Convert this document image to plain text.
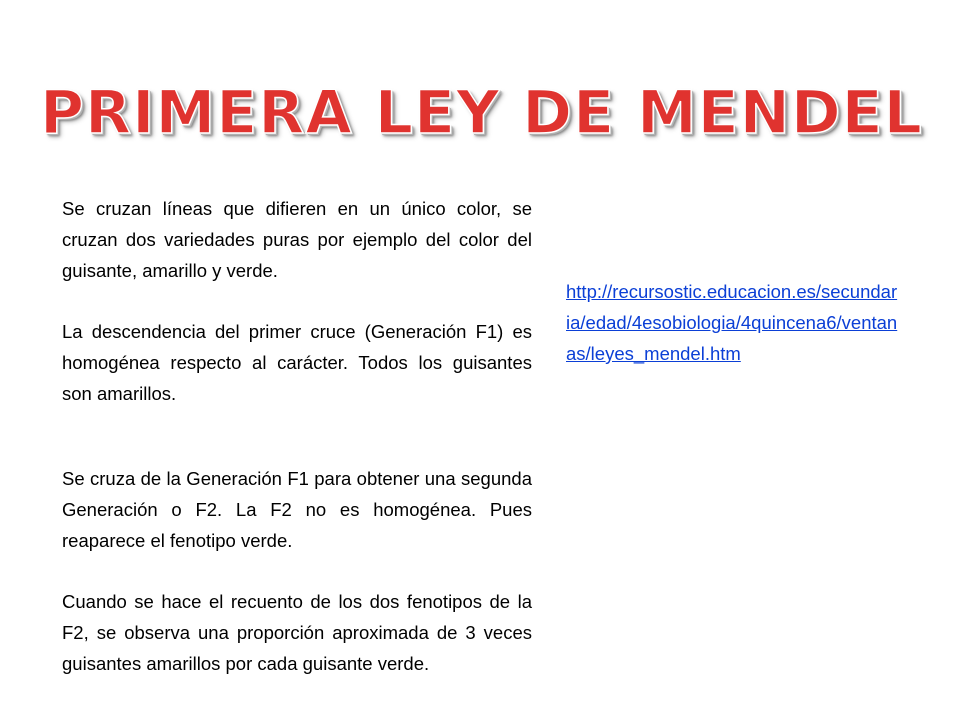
PRIMERA LEY DE MENDEL

Se cruzan líneas que difieren en un único color, se cruzan dos variedades puras por ejemplo del color del guisante, amarillo y verde.

La descendencia del primer cruce (Generación F1) es homogénea respecto al carácter. Todos los guisantes son amarillos.

Se cruza de la Generación F1 para obtener una segunda Generación o F2. La F2 no es homogénea. Pues reaparece el fenotipo verde.

Cuando se hace el recuento de los dos fenotipos de la F2, se observa una proporción aproximada de 3 veces guisantes amarillos por cada guisante verde.

http://recursostic.educacion.es/secundaria/edad/4esobiologia/4quincena6/ventanas/leyes_mendel.htm
